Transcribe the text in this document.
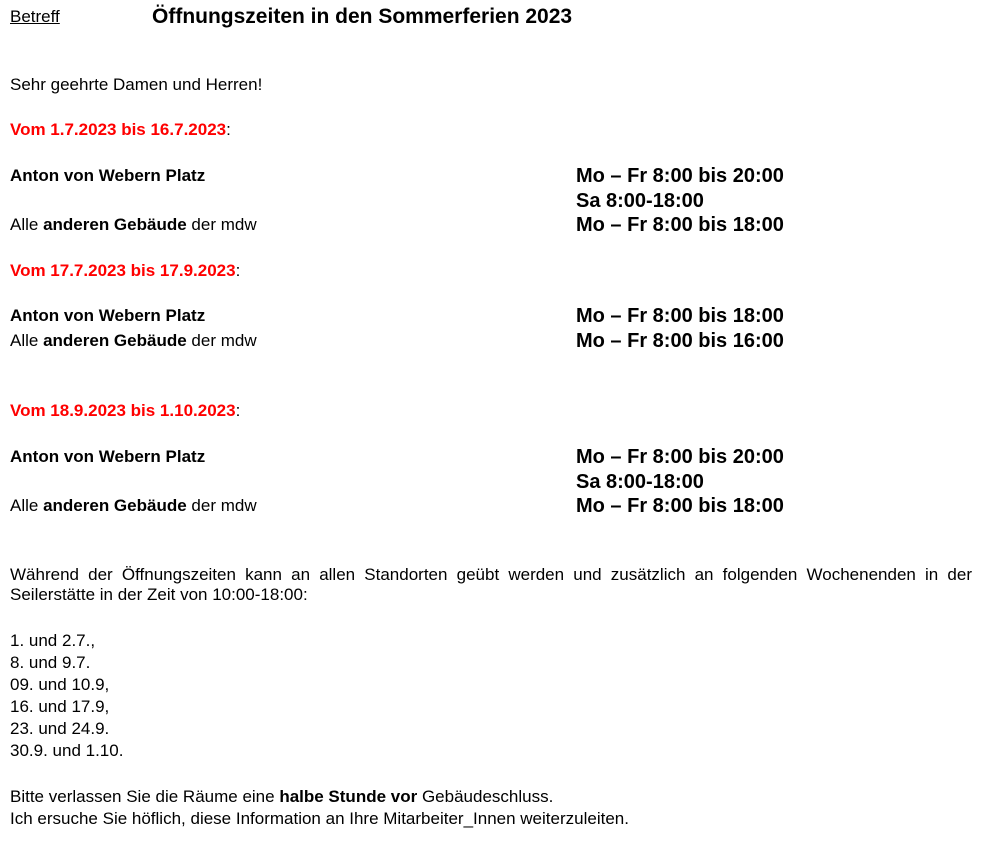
Betreff	Öffnungszeiten in den Sommerferien 2023
Sehr geehrte Damen und Herren!
Vom 1.7.2023 bis 16.7.2023:
Anton von Webern Platz	Mo – Fr 8:00 bis 20:00
Sa 8:00-18:00
Alle anderen Gebäude der mdw	Mo – Fr 8:00 bis 18:00
Vom 17.7.2023 bis 17.9.2023:
Anton von Webern Platz	Mo – Fr 8:00 bis 18:00
Alle anderen Gebäude der mdw	Mo – Fr 8:00 bis 16:00
Vom 18.9.2023 bis 1.10.2023:
Anton von Webern Platz	Mo – Fr 8:00 bis 20:00
Sa 8:00-18:00
Alle anderen Gebäude der mdw	Mo – Fr 8:00 bis 18:00
Während der Öffnungszeiten kann an allen Standorten geübt werden und zusätzlich an folgenden Wochenenden in der Seilerstätte in der Zeit von 10:00-18:00:
1. und 2.7.,
8. und 9.7.
09. und 10.9,
16. und 17.9,
23. und 24.9.
30.9. und 1.10.
Bitte verlassen Sie die Räume eine halbe Stunde vor Gebäudeschluss.
Ich ersuche Sie höflich, diese Information an Ihre Mitarbeiter_Innen weiterzuleiten.
